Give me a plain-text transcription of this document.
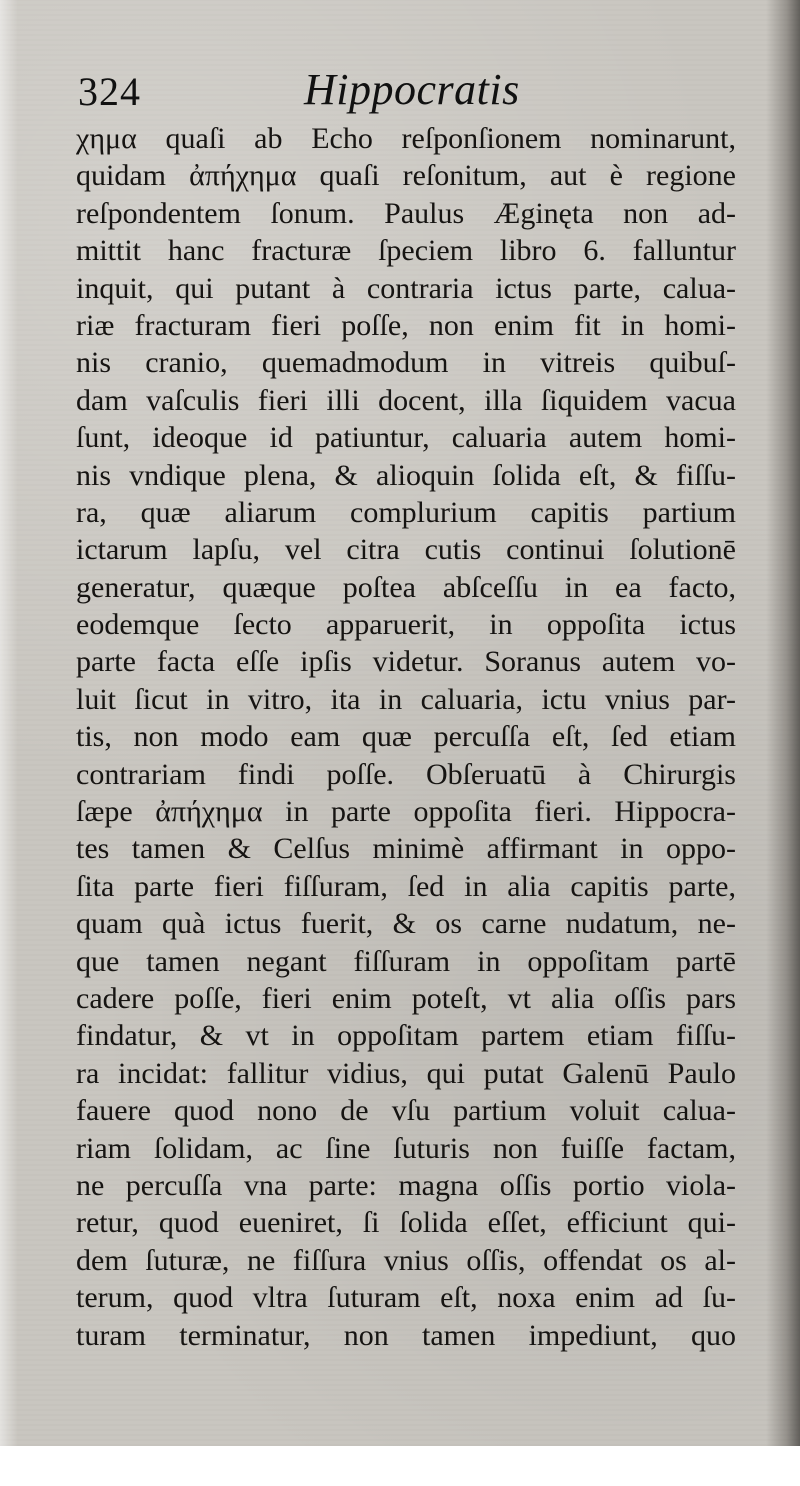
324	Hippocratis
χημα quaſi ab Echo reſponſionem nominarunt,
quidam ἀπήχημα quaſi reſonitum, aut è regione
reſpondentem ſonum. Paulus Æginęta non ad-
mittit hanc fracturæ ſpeciem libro 6. falluntur
inquit, qui putant à contraria ictus parte, calua-
riæ fracturam fieri poſſe, non enim fit in homi-
nis cranio, quemadmodum in vitreis quibuſ-
dam vaſculis fieri illi docent, illa ſiquidem vacua
ſunt, ideoque id patiuntur, caluaria autem homi-
nis vndique plena, & alioquin ſolida eſt, & fiſſu-
ra, quæ aliarum complurium capitis partium
ictarum lapſu, vel citra cutis continui ſolutionē
generatur, quæque poſtea abſceſſu in ea facto,
eodemque ſecto apparuerit, in oppoſita ictus
parte facta eſſe ipſis videtur. Soranus autem vo-
luit ſicut in vitro, ita in caluaria, ictu vnius par-
tis, non modo eam quæ percuſſa eſt, ſed etiam
contrariam findi poſſe. Obſeruatū à Chirurgis
ſæpe ἀπήχημα in parte oppoſita fieri. Hippocra-
tes tamen & Celſus minimè affirmant in oppo-
ſita parte fieri fiſſuram, ſed in alia capitis parte,
quam quà ictus fuerit, & os carne nudatum, ne-
que tamen negant fiſſuram in oppoſitam partē
cadere poſſe, fieri enim poteſt, vt alia oſſis pars
findatur, & vt in oppoſitam partem etiam fiſſu-
ra incidat: fallitur vidius, qui putat Galenū Paulo
fauere quod nono de vſu partium voluit caluа-
riam ſolidam, ac ſine ſuturis non fuiſſe factam,
ne percuſſa vna parte: magna oſſis portio viola-
retur, quod eueniret, ſi ſolida eſſet, efficiunt qui-
dem ſuturæ, ne fiſſura vnius oſſis, offendat os al-
terum, quod vltra ſuturam eſt, noxa enim ad ſu-
turam terminatur, non tamen impediunt, quo
